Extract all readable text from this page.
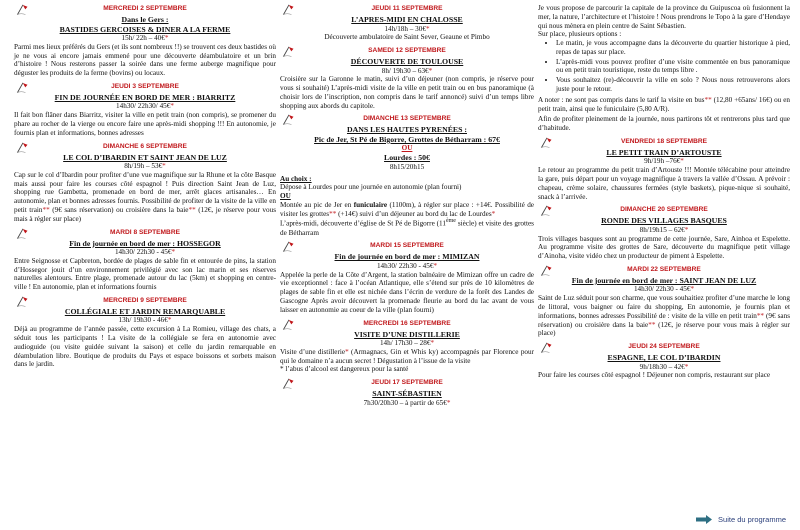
MERCREDI 2 SEPTEMBRE
Dans le Gers :
BASTIDES GERCOISES & DINER A LA FERME
15h/ 22h – 40€*
Parmi mes lieux préférés du Gers (et ils sont nombreux !!) se trouvent ces deux bastides où je ne vous ai encore jamais emmené pour une découverte déambulatoire et un brin d’histoire ! Nous resterons passer la soirée dans une ferme auberge magnifique pour déguster les produits de la ferme (bovins) ou locaux.
JEUDI 3 SEPTEMBRE
FIN DE JOURNÉE EN BORD DE MER : BIARRITZ
14h30/ 22h30/ 45€*
Il fait bon flâner dans Biarritz, visiter la ville en petit train (non compris), se promener du phare au rocher de la vierge ou encore faire une après-midi shopping !!! En autonomie, je fournis plan et informations, bonnes adresses
DIMANCHE 6 SEPTEMBRE
LE COL D’IBARDIN ET SAINT JEAN DE LUZ
8h/19h – 53€*
Cap sur le col d’Ibardin pour profiter d’une vue magnifique sur la Rhune et la côte Basque mais aussi pour faire les courses côté espagnol ! Puis direction Saint Jean de Luz, shopping rue Gambetta, promenade en bord de mer, arrêt glaces artisanales… En autonomie, plan et bonnes adresses fournis. Possibilité de profiter de la visite de la ville en petit train** (9€ sans réservation) ou croisière dans la baie** (12€, je réserve pour vous mais à régler sur place)
MARDI 8 SEPTEMBRE
Fin de journée en bord de mer : HOSSEGOR
14h30/ 22h30 - 45€*
Entre Seignosse et Capbreton, bordée de plages de sable fin et entourée de pins, la station d’Hossegor jouit d’un environnement privilégié avec son lac marin et ses réserves naturelles alentours. Entre plage, promenade autour du lac (5km) et shopping en centre-ville ! En autonomie, plan et informations fournis
MERCREDI 9 SEPTEMBRE
COLLÉGIALE ET JARDIN REMARQUABLE
13h/ 19h30 - 46€*
Déjà au programme de l’année passée, cette excursion à La Romieu, village des chats, a séduit tous les participants ! La visite de la collégiale se fera en autonomie avec audioguide (ou visite guidée suivant la saison) et celle du jardin remarquable en déambulation libre. Boutique de produits du Pays et espace boissons et sorbets maison dans le jardin.
JEUDI 11 SEPTEMBRE
L’APRES-MIDI EN CHALOSSE
14h/18h – 30€*
Découverte ambulatoire de Saint Sever, Geaune et Pimbo
SAMEDI 12 SEPTEMBRE
DÉCOUVERTE DE TOULOUSE
8h/ 19h30 – 63€*
Croisière sur la Garonne le matin, suivi d’un déjeuner (non compris, je réserve pour vous si souhaité) L’après-midi visite de la ville en petit train ou en bus panoramique (à choisir lors de l’inscription, non compris dans le tarif annoncé) suivi d’un temps libre shopping aux abords du capitole.
DIMANCHE 13 SEPTEMBRE
DANS LES HAUTES PYRENÉES :
Pic de Jer, St Pé de Bigorre, Grottes de Bétharram : 67€
OU
Lourdes : 50€
8h15/20h15
Au choix :
Dépose à Lourdes pour une journée en autonomie (plan fourni)
OU
Montée au pic de Jer en funiculaire (1100m), à régler sur place : +14€. Possibilité de visiter les grottes** (+14€) suivi d’un déjeuner au bord du lac de Lourdes*
L’après-midi, découverte d’église de St Pé de Bigorre (11ème siècle) et visite des grottes de Bétharram
MARDI 15 SEPTEMBRE
Fin de journée en bord de mer : MIMIZAN
14h30/ 22h30 - 45€*
Appelée la perle de la Côte d’Argent, la station balnéaire de Mimizan offre un cadre de vie exceptionnel : face à l’océan Atlantique, elle s’étend sur près de 10 kilomètres de plages de sable fin et elle est nichée dans l’écrin de verdure de la forêt des Landes de Gascogne Après avoir découvert la promenade fleurie au bord du lac avant de vous laisser en autonomie au coeur de la ville (plan fourni)
MERCREDI 16 SEPTEMBRE
VISITE D’UNE DISTILLERIE
14h/ 17h30 – 28€*
Visite d’une distillerie* (Armagnacs, Gin et Whis ky) accompagnés par Florence pour qui le domaine n’a aucun secret ! Dégustation à l’issue de la visite
* l’abus d’alcool est dangereux pour la santé
JEUDI 17 SEPTEMBRE
SAINT-SÉBASTIEN
7h30/20h30 – à partir de 65€*
Je vous propose de parcourir la capitale de la province du Guipuscoa où fusionnent la mer, la nature, l’architecture et l’histoire ! Nous prendrons le Topo à la gare d’Hendaye qui nous mènera en plein centre de Saint Sébastien.
Sur place, plusieurs options :
• Le matin, je vous accompagne dans la découverte du quartier historique à pied, repas de tapas sur place.
• L’après-midi vous pouvez profiter d’une visite commentée en bus panoramique ou en petit train touristique, reste du temps libre .
• Vous souhaitez (re)-découvrir la ville en solo ? Nous nous retrouverons alors juste pour le retour.
A noter : ne sont pas compris dans le tarif la visite en bus** (12,80 +65ans/ 16€) ou en petit train, ainsi que le funiculaire (5,80 A/R).
Afin de profiter pleinement de la journée, nous partirons tôt et rentrerons plus tard que d’habitude.
VENDREDI 18 SEPTEMBRE
LE PETIT TRAIN D’ARTOUSTE
9h/19h –76€*
Le retour au programme du petit train d’Artouste !!! Montée télécabine pour atteindre la gare, puis départ pour un voyage magnifique à travers la vallée d’Ossau. A prévoir : chapeau, crème solaire, chaussures fermées (style baskets), pique-nique si souhaité, snack à l’arrivée.
DIMANCHE 20 SEPTEMBRE
RONDE DES VILLAGES BASQUES
8h/19h15 – 62€*
Trois villages basques sont au programme de cette journée, Sare, Ainhoa et Espelette. Au programme visite des grottes de Sare, découverte du magnifique petit village d’Ainoha, visite vidéo chez un producteur de piment à Espelette.
MARDI 22 SEPTEMBRE
Fin de journée en bord de mer : SAINT JEAN DE LUZ
14h30/ 22h30 - 45€*
Saint de Luz séduit pour son charme, que vous souhaitiez profiter d’une marche le long de littoral, vous baigner ou faire du shopping, En autonomie, je fournis plan et informations, bonnes adresses Possibilité de : visite de la ville en petit train** (9€ sans réservation) ou croisière dans la baie** (12€, je réserve pour vous mais à régler sur place)
JEUDI 24 SEPTEMBRE
ESPAGNE, LE COL D’IBARDIN
9h/18h30 – 42€*
Pour faire les courses côté espagnol ! Déjeuner non compris, restaurant sur place
Suite du programme
